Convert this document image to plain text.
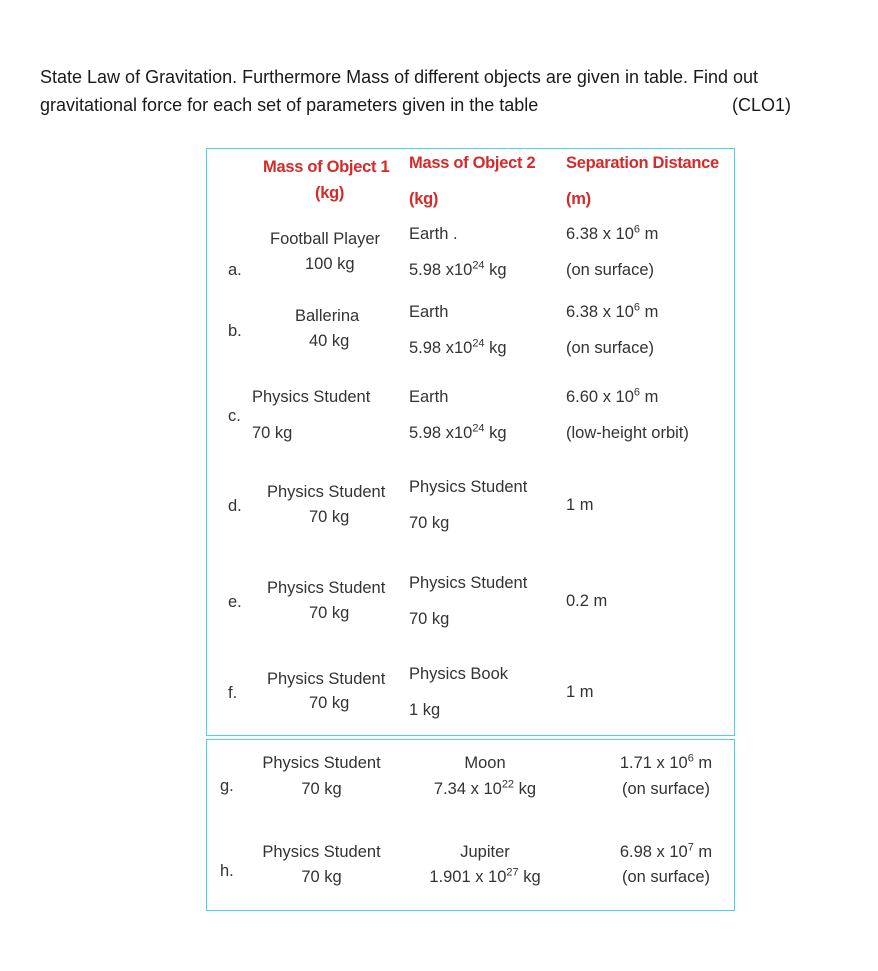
State Law of Gravitation. Furthermore Mass of different objects are given in table. Find out
gravitational force for each set of parameters given in the table	(CLO1)
Mass of Object 1
(kg)
Mass of Object 2
(kg)
Separation Distance
(m)
a.
Football Player
100 kg
Earth .
5.98 $x10^{24}$ kg
6.38 x $10^6$ m
(on surface)
b.
Ballerina
40 kg
Earth
5.98 $x10^{24}$ kg
6.38 x $10^6$ m
(on surface)
c.
Physics Student
70 kg
Earth
5.98 $x10^{24}$ kg
6.60 x $10^6$ m
(low-height orbit)
d.
Physics Student
70 kg
Physics Student
70 kg
1 m
e.
Physics Student
70 kg
Physics Student
70 kg
0.2 m
f.
Physics Student
70 kg
Physics Book
1 kg
1 m
g.
Physics Student
70 kg
Moon
7.34 x $10^{22}$ kg
1.71 x $10^6$ m
(on surface)
h.
Physics Student
70 kg
Jupiter
1.901 x $10^{27}$ kg
6.98 x $10^7$ m
(on surface)
